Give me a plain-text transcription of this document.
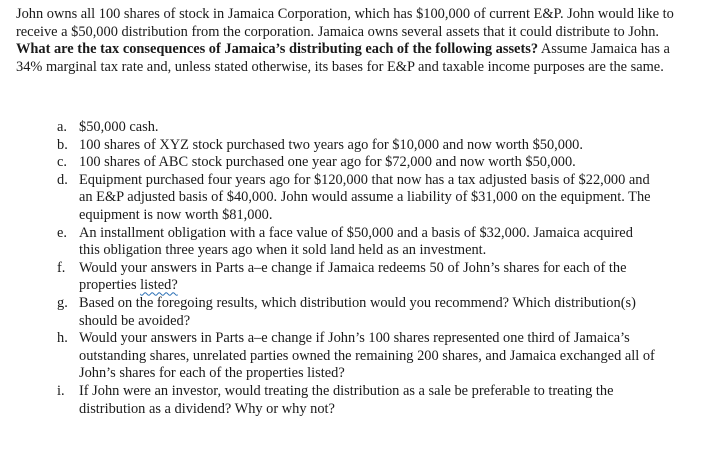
John owns all 100 shares of stock in Jamaica Corporation, which has $100,000 of current E&P. John would like to receive a $50,000 distribution from the corporation. Jamaica owns several assets that it could distribute to John. What are the tax consequences of Jamaica’s distributing each of the following assets? Assume Jamaica has a 34% marginal tax rate and, unless stated otherwise, its bases for E&P and taxable income purposes are the same.

a. $50,000 cash.
b. 100 shares of XYZ stock purchased two years ago for $10,000 and now worth $50,000.
c. 100 shares of ABC stock purchased one year ago for $72,000 and now worth $50,000.
d. Equipment purchased four years ago for $120,000 that now has a tax adjusted basis of $22,000 and an E&P adjusted basis of $40,000. John would assume a liability of $31,000 on the equipment. The equipment is now worth $81,000.
e. An installment obligation with a face value of $50,000 and a basis of $32,000. Jamaica acquired this obligation three years ago when it sold land held as an investment.
f. Would your answers in Parts a–e change if Jamaica redeems 50 of John’s shares for each of the properties listed?
g. Based on the foregoing results, which distribution would you recommend? Which distribution(s) should be avoided?
h. Would your answers in Parts a–e change if John’s 100 shares represented one third of Jamaica’s outstanding shares, unrelated parties owned the remaining 200 shares, and Jamaica exchanged all of John’s shares for each of the properties listed?
i. If John were an investor, would treating the distribution as a sale be preferable to treating the distribution as a dividend? Why or why not?
